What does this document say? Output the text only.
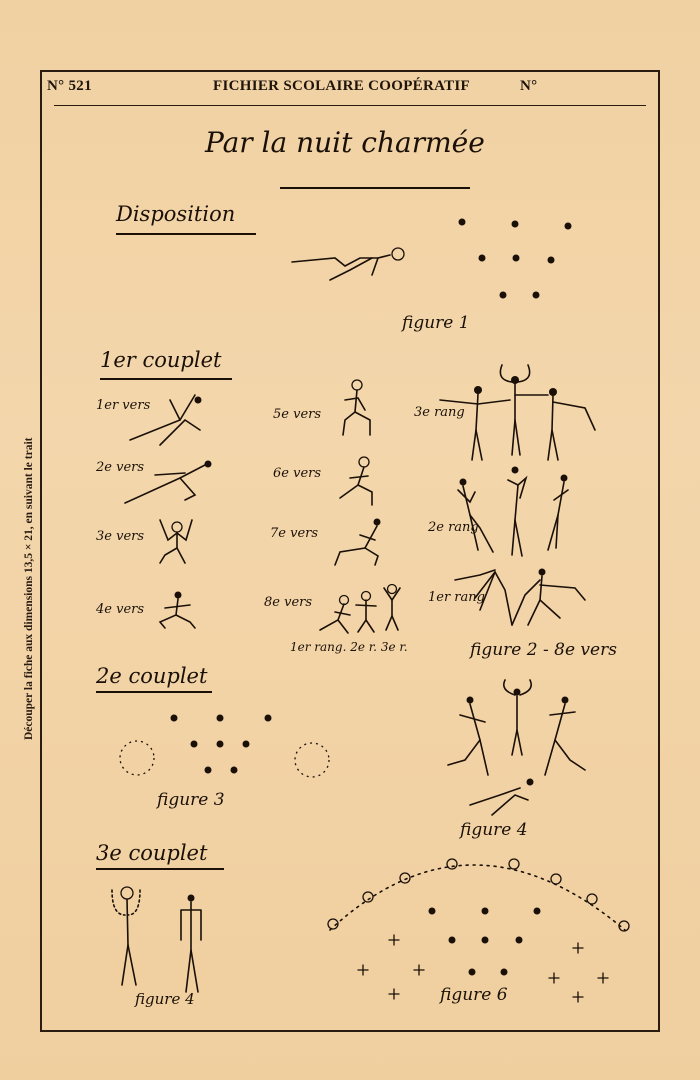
N° 521	FICHIER SCOLAIRE COOPÉRATIF	N°
Découper la fiche aux dimensions 13,5 × 21, en suivant le trait
Par la nuit charmée
Disposition
1er couplet
2e couplet
3e couplet
1er vers
2e vers
3e vers
4e vers
5e vers
6e vers
7e vers
8e vers
3e rang
2e rang
1er rang
1er rang. 2e r. 3e r.
figure 1
figure 2 - 8e vers
figure 3
figure 4
figure 4	figure 6
